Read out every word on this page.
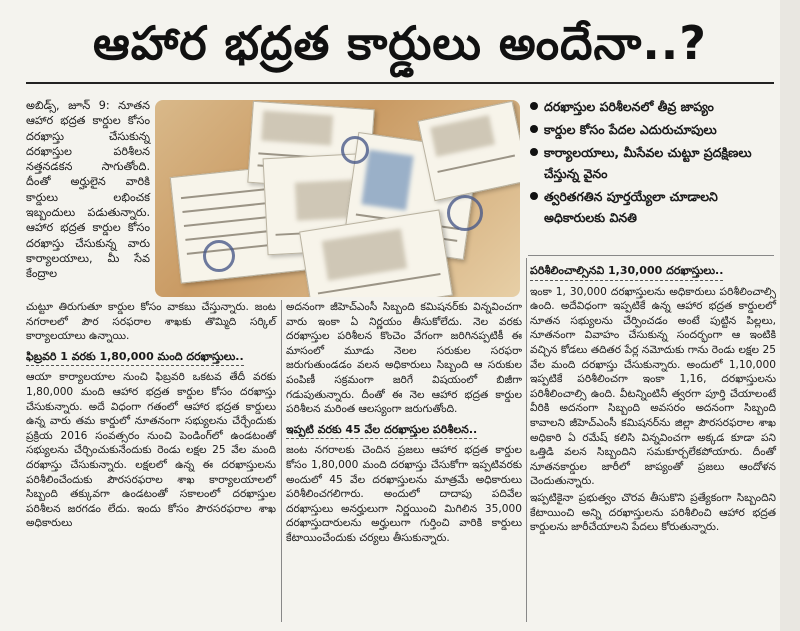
ఆహార భద్రత కార్డులు అందేనా..?

అబిడ్స్‌, జూన్‌ 9: నూతన ఆహార భద్రత కార్డుల కోసం దరఖాస్తు చేసుకున్న దరఖాస్తుల పరిశీలన నత్తనడకన సాగుతోంది. దీంతో అర్హులైన వారికి కార్డులు లభించక ఇబ్బందులు పడుతున్నారు. ఆహార భద్రత కార్డుల కోసం దరఖాస్తు చేసుకున్న వారు కార్యాలయాలు, మీ సేవ కేంద్రాల

దరఖాస్తుల పరిశీలనలో తీవ్ర జాప్యం
కార్డుల కోసం పేదల ఎదురుచూపులు
కార్యాలయాలు, మీసేవల చుట్టూ ప్రదక్షిణలు చేస్తున్న వైనం
త్వరితగతిన పూర్తయ్యేలా చూడాలని అధికారులకు వినతి

చుట్టూ తిరుగుతూ కార్డుల కోసం వాకబు చేస్తున్నారు. జంట నగరాలలో పౌర సరఫరాల శాఖకు తొమ్మిది సర్కిల్‌ కార్యాలయాలు ఉన్నాయి.

ఫిబ్రవరి 1 వరకు 1,80,000 మంది దరఖాస్తులు..

ఆయా కార్యాలయాల నుంచి ఫిబ్రవరి ఒకటవ తేదీ వరకు 1,80,000 మంది ఆహార భద్రత కార్డుల కోసం దరఖాస్తు చేసుకున్నారు. అదే విధంగా గతంలో ఆహార భద్రత కార్డులు ఉన్న వారు తమ కార్డులో నూతనంగా సభ్యులను చేర్చేందుకు ప్రక్రియ 2016 సంవత్సరం నుంచి పెండింగ్‌లో ఉండటంతో సభ్యులను చేర్చించుకునేందుకు రెండు లక్షల 25 వేల మంది దరఖాస్తు చేసుకున్నారు. లక్షలలో ఉన్న ఈ దరఖాస్తులను పరిశీలించేందుకు పౌరసరఫరాల శాఖ కార్యాలయాలలో సిబ్బంది తక్కువగా ఉండటంతో సకాలంలో దరఖాస్తుల పరిశీలన జరగడం లేదు. ఇందు కోసం పౌరసరఫరాల శాఖ అధికారులు

అదనంగా జీహెచ్‌ఎంసీ సిబ్బంది కమిషనర్‌కు విన్నవించగా వారు ఇంకా ఏ నిర్ణయం తీసుకోలేదు. నెల వరకు దరఖాస్తుల పరిశీలన కొంచెం వేగంగా జరిగినప్పటికీ ఈ మాసంలో మూడు నెలల సరుకుల సరఫరా జరుగుతుండడం వలన అధికారులు సిబ్బంది ఆ సరుకుల పంపిణీ సక్రమంగా జరిగే విషయంలో బిజీగా గడుపుతున్నారు. దీంతో ఈ నెల ఆహార భద్రత కార్డుల పరిశీలన మరింత ఆలస్యంగా జరుగుతోంది.

ఇప్పటి వరకు 45 వేల దరఖాస్తుల పరిశీలన..

జంట నగరాలకు చెందిన ప్రజలు ఆహార భద్రత కార్డుల కోసం 1,80,000 మంది దరఖాస్తు చేసుకోగా ఇప్పటివరకు అందులో 45 వేల దరఖాస్తులను మాత్రమే అధికారులు పరిశీలించగలిగారు. అందులో దాదాపు పదివేల దరఖాస్తులు అనర్హులుగా నిర్ణయించి మిగిలిన 35,000 దరఖాస్తుదారులను అర్హులుగా గుర్తించి వారికి కార్డులు కేటాయించేందుకు చర్యలు తీసుకున్నారు.

పరిశీలించాల్సినవి 1,30,000 దరఖాస్తులు..

ఇంకా 1, 30,000 దరఖాస్తులను అధికారులు పరిశీలించాల్సి ఉంది. అదేవిధంగా ఇప్పటికే ఉన్న ఆహార భద్రత కార్డులలో నూతన సభ్యులను చేర్పించడం అంటే పుట్టిన పిల్లలు, నూతనంగా వివాహం చేసుకున్న సందర్భంగా ఆ ఇంటికి వచ్చిన కోడలు తదితర పేర్ల నమోదుకు గాను రెండు లక్షల 25 వేల మంది దరఖాస్తు చేసుకున్నారు. అందులో 1,10,000 ఇప్పటికే పరిశీలించగా ఇంకా 1,16, దరఖాస్తులను పరిశీలించాల్సి ఉంది. వీటన్నింటినీ త్వరగా పూర్తి చేయాలంటే వీరికి అదనంగా సిబ్బంది అవసరం అదనంగా సిబ్బంది కావాలని జీహెచ్‌ఎంసీ కమిషనర్‌ను జిల్లా పౌరసరఫరాల శాఖ అధికారి ఏ రమేష్‌ కలిసి విన్నవించగా అక్కడ కూడా పని ఒత్తిడి వలన సిబ్బందిని సమకూర్చలేకపోయారు. దీంతో నూతనకార్డుల జారీలో జాప్యంతో ప్రజలు ఆందోళన చెందుతున్నారు.

ఇప్పటికైనా ప్రభుత్వం చొరవ తీసుకొని ప్రత్యేకంగా సిబ్బందిని కేటాయించి అన్ని దరఖాస్తులను పరిశీలించి ఆహార భద్రత కార్డులను జారీచేయాలని పేదలు కోరుతున్నారు.
